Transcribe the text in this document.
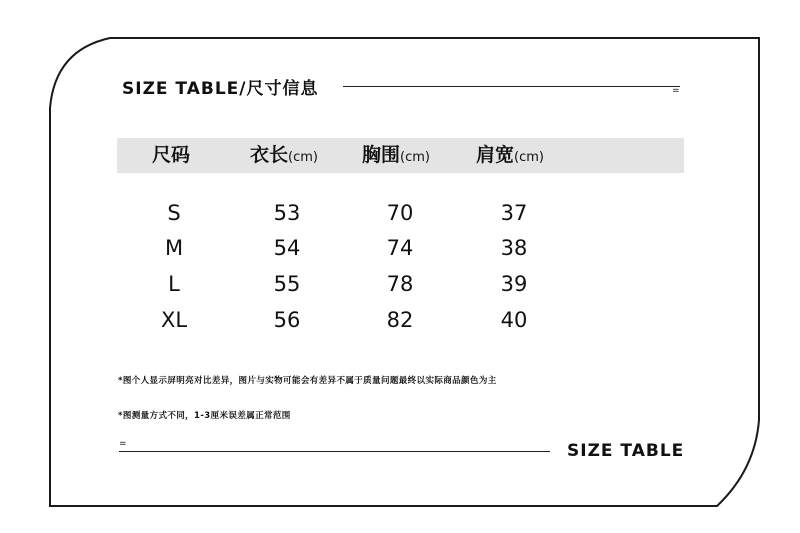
SIZE TABLE/尺寸信息	=
尺码	衣长(cm) 胸围(cm) 肩宽(cm)
S	53	70	37
M	54	74	38
L	55	78	39
XL	56	82	40
*图个人显示屏明亮对比差异，图片与实物可能会有差异不属于质量问题最终以实际商品颜色为主
*图测量方式不同，1-3厘米误差属正常范围
=	SIZE TABLE
